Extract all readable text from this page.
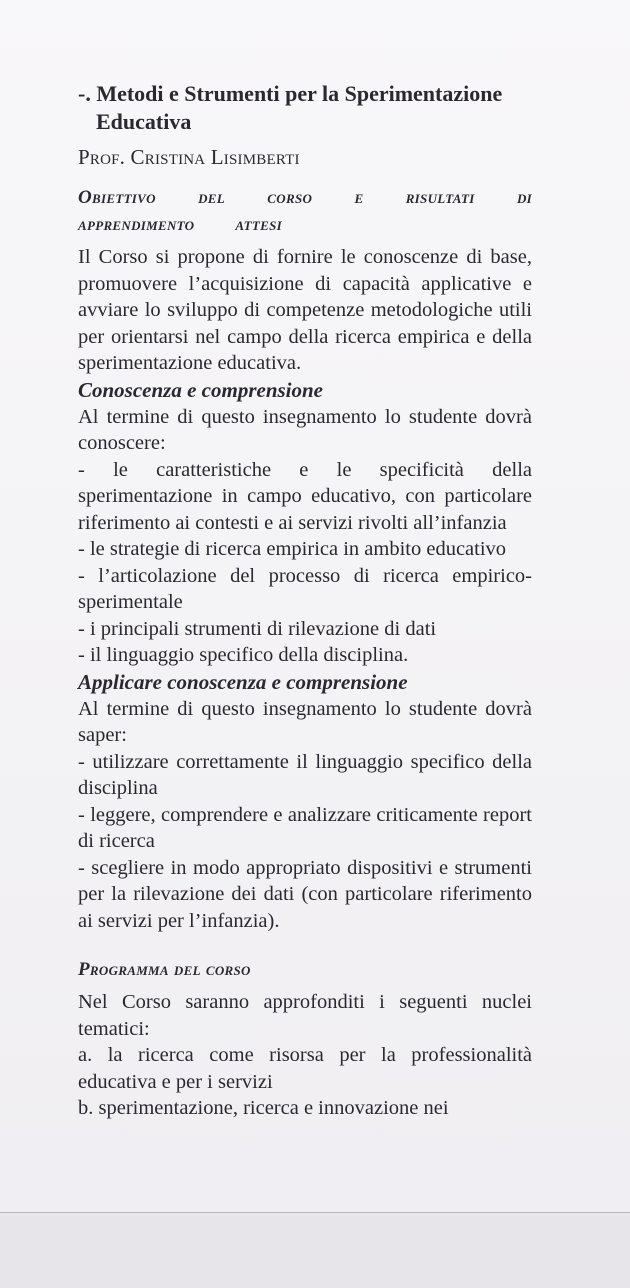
-. Metodi e Strumenti per la Sperimentazione Educativa

Prof. Cristina Lisimberti

Obiettivo del corso e risultati di apprendimento attesi

Il Corso si propone di fornire le conoscenze di base, promuovere l’acquisizione di capacità applicative e avviare lo sviluppo di competenze metodologiche utili per orientarsi nel campo della ricerca empirica e della sperimentazione educativa.

Conoscenza e comprensione

Al termine di questo insegnamento lo studente dovrà conoscere:

- le caratteristiche e le specificità della sperimentazione in campo educativo, con particolare riferimento ai contesti e ai servizi rivolti all’infanzia

- le strategie di ricerca empirica in ambito educativo

- l’articolazione del processo di ricerca empirico-sperimentale

- i principali strumenti di rilevazione di dati

- il linguaggio specifico della disciplina.

Applicare conoscenza e comprensione

Al termine di questo insegnamento lo studente dovrà saper:

- utilizzare correttamente il linguaggio specifico della disciplina

- leggere, comprendere e analizzare criticamente report di ricerca

- scegliere in modo appropriato dispositivi e strumenti per la rilevazione dei dati (con particolare riferimento ai servizi per l’infanzia).

Programma del corso

Nel Corso saranno approfonditi i seguenti nuclei tematici:

a. la ricerca come risorsa per la professionalità educativa e per i servizi

b. sperimentazione, ricerca e innovazione nei
